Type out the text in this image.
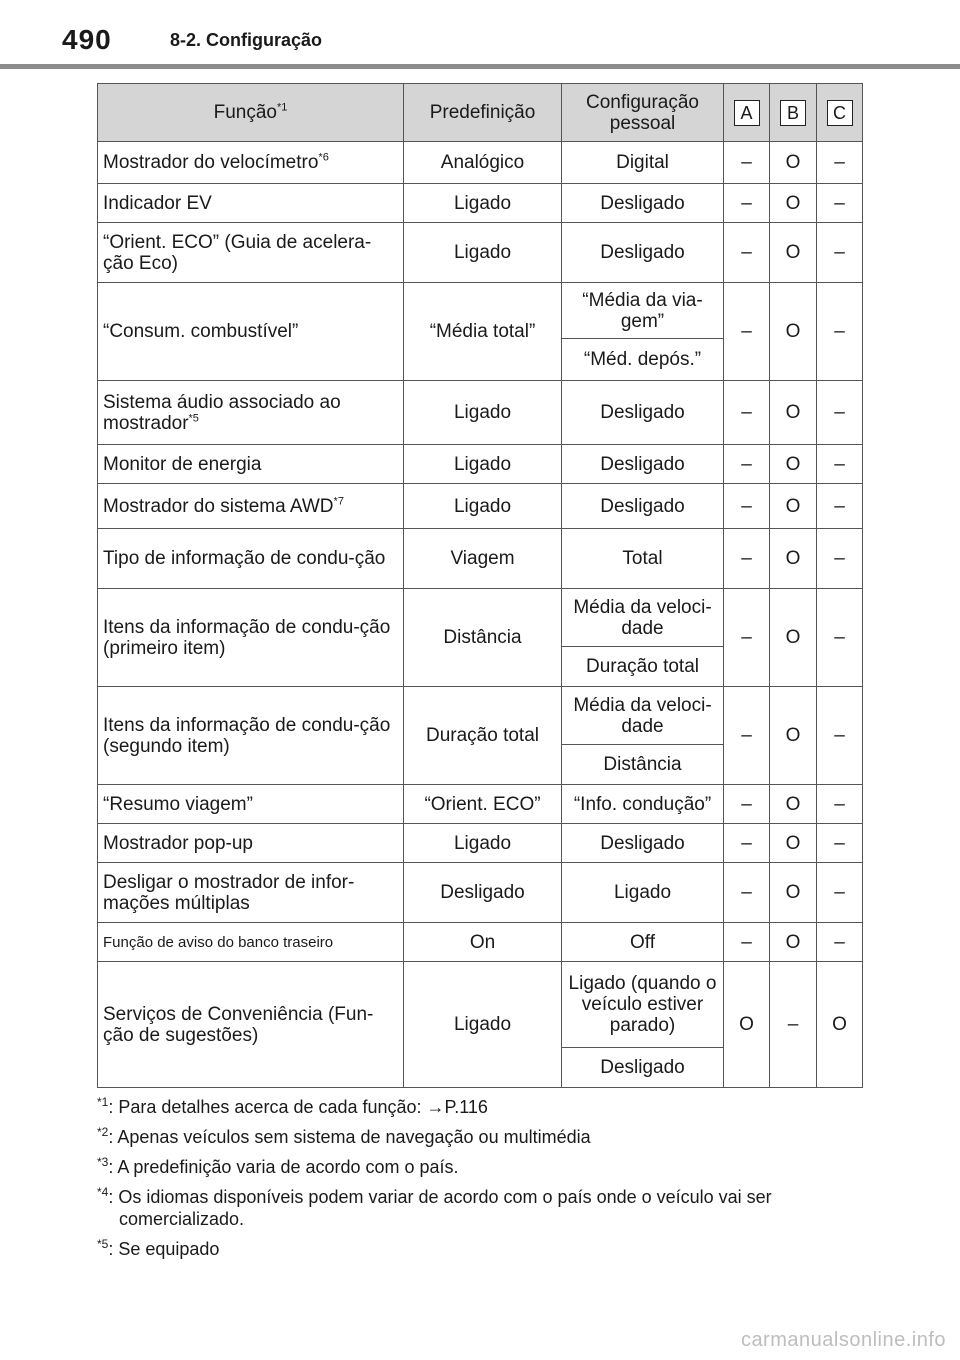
490	8-2. Configuração
Função$^{*1}$	Predefinição	Configuração pessoal	A	B	C
Mostrador do velocímetro$^{*6}$	Analógico	Digital	–	O	–
Indicador EV	Ligado	Desligado	–	O	–
“Orient. ECO” (Guia de acelera-ção Eco)	Ligado	Desligado	–	O	–
“Consum. combustível”	“Média total”	“Média da via-gem”	–	O	–
		“Méd. depós.”			
Sistema áudio associado ao mostrador$^{*5}$	Ligado	Desligado	–	O	–
Monitor de energia	Ligado	Desligado	–	O	–
Mostrador do sistema AWD$^{*7}$	Ligado	Desligado	–	O	–
Tipo de informação de condu-ção	Viagem	Total	–	O	–
Itens da informação de condu-ção (primeiro item)	Distância	Média da veloci-dade	–	O	–
		Duração total			
Itens da informação de condu-ção (segundo item)	Duração total	Média da veloci-dade	–	O	–
		Distância			
“Resumo viagem”	“Orient. ECO”	“Info. condução”	–	O	–
Mostrador pop-up	Ligado	Desligado	–	O	–
Desligar o mostrador de infor-mações múltiplas	Desligado	Ligado	–	O	–
Função de aviso do banco traseiro	On	Off	–	O	–
Serviços de Conveniência (Fun-ção de sugestões)	Ligado	Ligado (quando o veículo estiver parado)	O	–	O
		Desligado			
$^{*1}$: Para detalhes acerca de cada função: →P.116
$^{*2}$: Apenas veículos sem sistema de navegação ou multimédia
$^{*3}$: A predefinição varia de acordo com o país.
$^{*4}$: Os idiomas disponíveis podem variar de acordo com o país onde o veículo vai ser comercializado.
$^{*5}$: Se equipado
carmanualsonline.info
